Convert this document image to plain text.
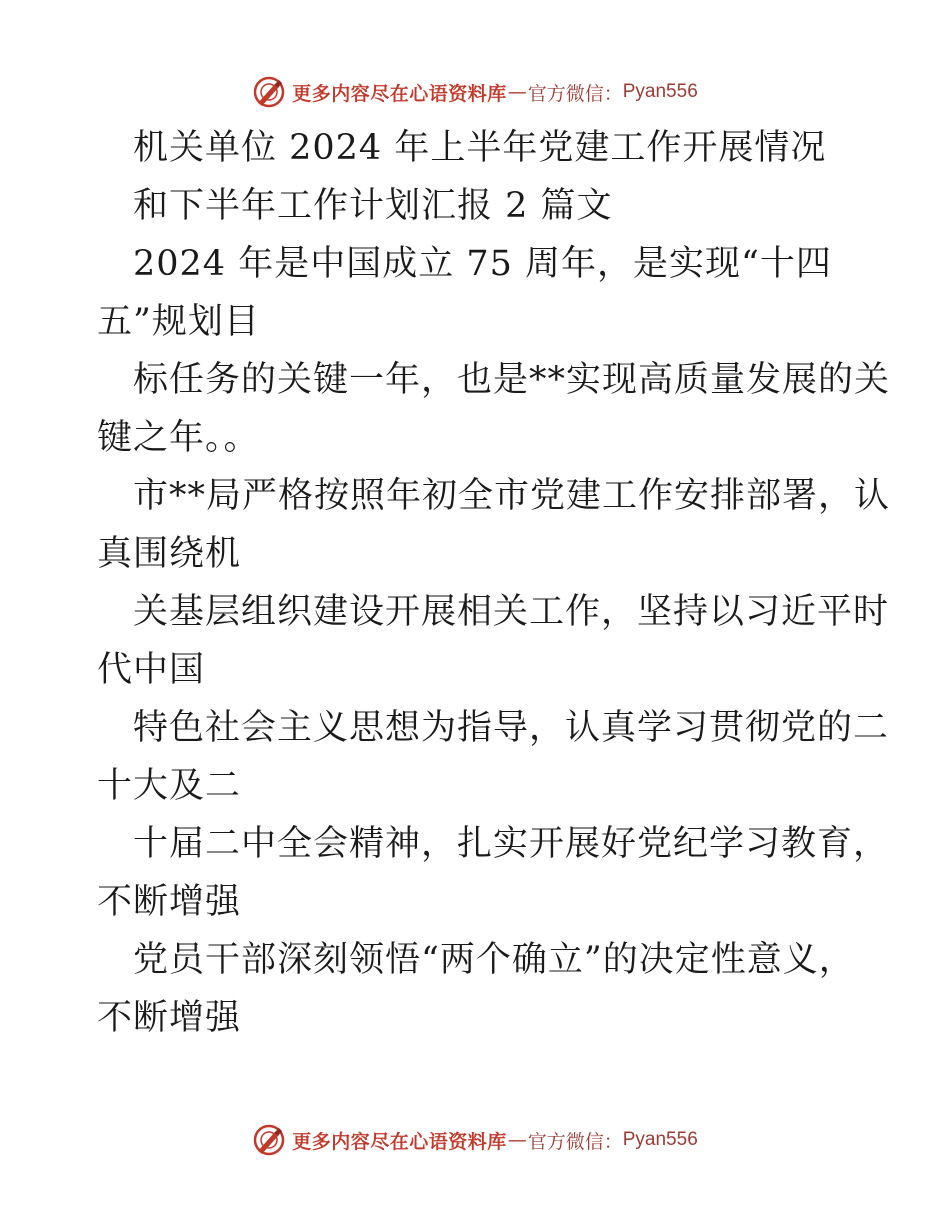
更多内容尽在心语资料库 — 官方微信： Pyan556
机关单位 2024 年上半年党建工作开展情况
和下半年工作计划汇报 2 篇文
2024 年是中国成立 75 周年，是实现“十四
五”规划目
标任务的关键一年，也是**实现高质量发展的关
键之年。。
市**局严格按照年初全市党建工作安排部署，认
真围绕机
关基层组织建设开展相关工作，坚持以习近平时
代中国
特色社会主义思想为指导，认真学习贯彻党的二
十大及二
十届二中全会精神，扎实开展好党纪学习教育，
不断增强
党员干部深刻领悟“两个确立”的决定性意义，
不断增强
更多内容尽在心语资料库 — 官方微信： Pyan556
